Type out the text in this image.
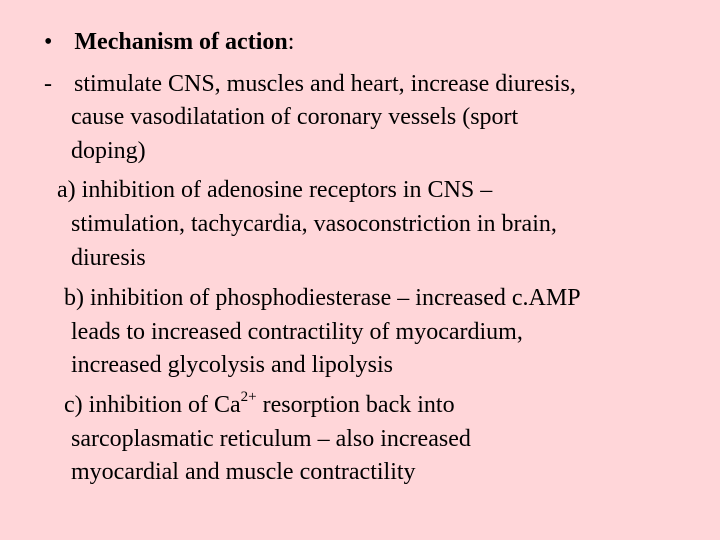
• Mechanism of action:
- stimulate CNS, muscles and heart, increase diuresis,
cause vasodilatation of coronary vessels (sport
doping)
a) inhibition of adenosine receptors in CNS –
stimulation, tachycardia, vasoconstriction in brain,
diuresis
b) inhibition of phosphodiesterase – increased c.AMP
leads to increased contractility of myocardium,
increased glycolysis and lipolysis
c) inhibition of $Ca^{2+}$ resorption back into
sarcoplasmatic reticulum – also increased
myocardial and muscle contractility
